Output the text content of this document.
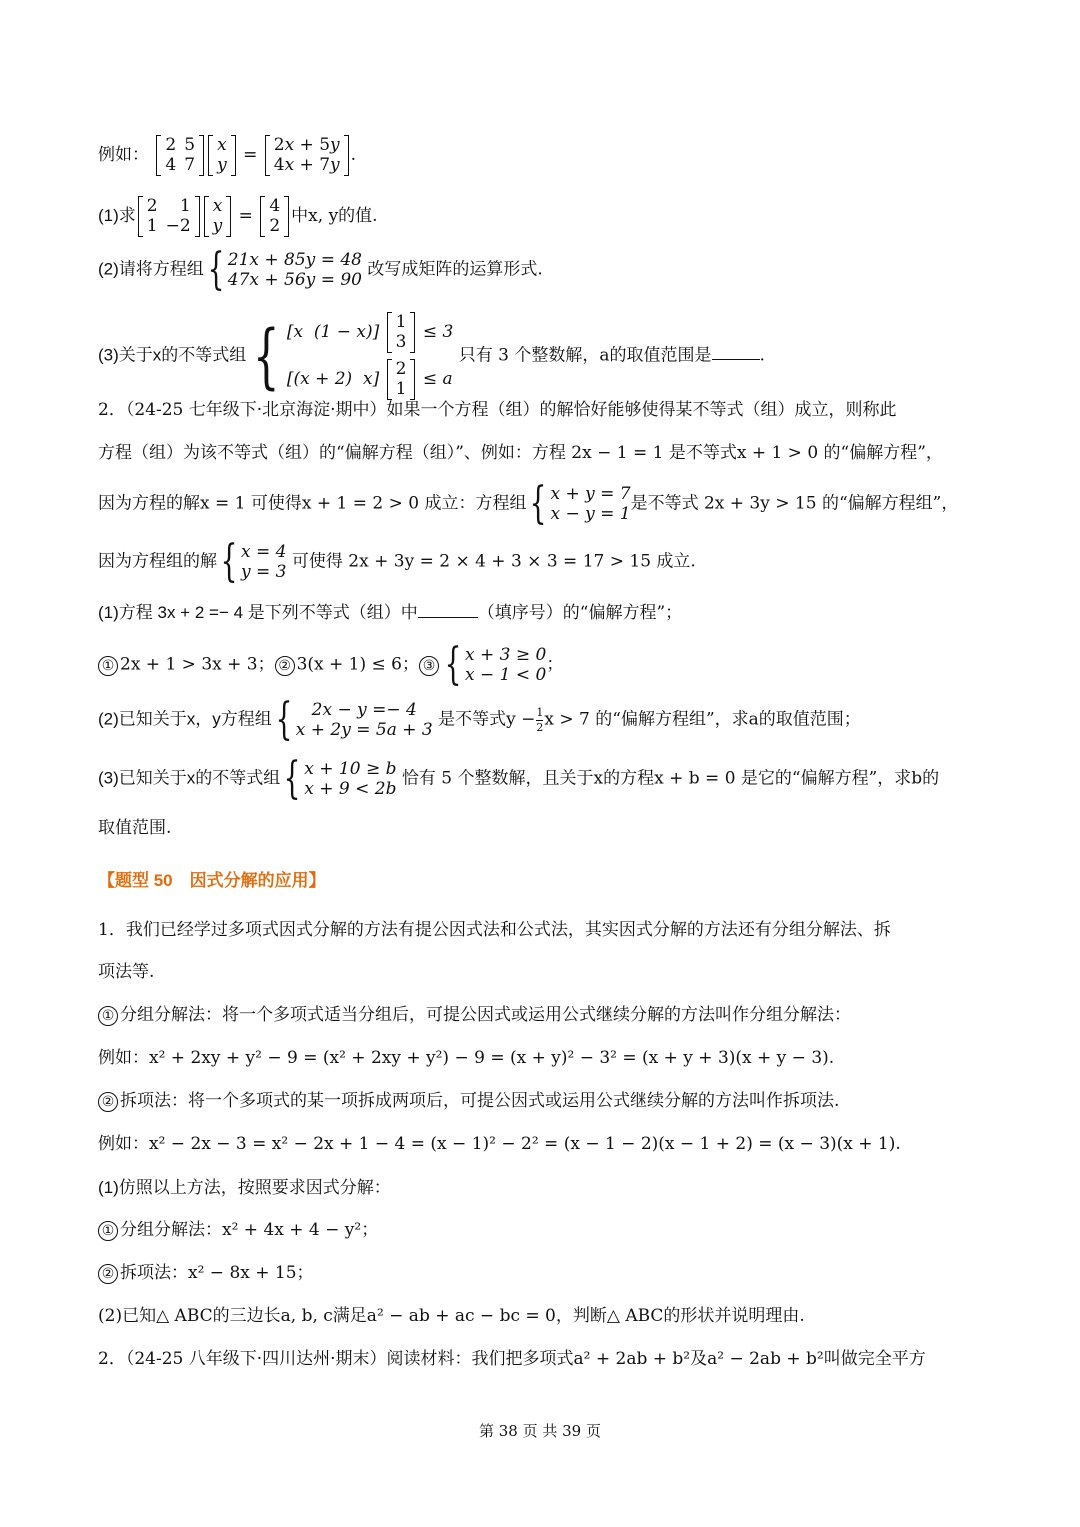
例如： 2	5
4	7
x
y
= 2x + 5y
4x + 7y
.
(1)求 2	1
1	−2
x
y
= 4
2
中x, y的值.
(2)请将方程组 { 21x + 85y = 48
47x + 56y = 90
改写成矩阵的运算形式.
(3)关于x的不等式组 { [x  (1 − x)] 1
3
≤ 3
[(x + 2)  x] 2
1
≤ a
只有 3 个整数解，a的取值范围是	.
2．（24-25 七年级下·北京海淀·期中）如果一个方程（组）的解恰好能够使得某不等式（组）成立，则称此
方程（组）为该不等式（组）的“偏解方程（组）”、例如：方程 2x − 1 = 1 是不等式x + 1 > 0 的“偏解方程”，
因为方程的解x = 1 可使得x + 1 = 2 > 0 成立：方程组 { x + y = 7
x − y = 1
是不等式 2x + 3y > 15 的“偏解方程组”，
因为方程组的解 { x = 4
y = 3
可使得 2x + 3y = 2 × 4 + 3 × 3 = 17 > 15 成立.
(1)方程 3x + 2 =− 4 是下列不等式（组）中	（填序号）的“偏解方程”；
① 2x + 1 > 3x + 3； ② 3(x + 1) ≤ 6； ③ { x + 3 ≥ 0
x − 1 < 0
；
(2)已知关于x，y方程组 {	2x − y =− 4
x + 2y = 5a + 3
是不等式$y - \frac{1}{2}$ x > 7 的“偏解方程组”，求a的取值范围；
(3)已知关于x的不等式组 { x + 10 ≥ b
x + 9 < 2b
恰有 5 个整数解，且关于x的方程x + b = 0 是它的“偏解方程”，求b的
取值范围.
【题型 50　因式分解的应用】
1．我们已经学过多项式因式分解的方法有提公因式法和公式法，其实因式分解的方法还有分组分解法、拆
项法等.
① 分组分解法：将一个多项式适当分组后，可提公因式或运用公式继续分解的方法叫作分组分解法：
例如：x² + 2xy + y² − 9 = (x² + 2xy + y²) − 9 = (x + y)² − 3² = (x + y + 3)(x + y − 3).
② 拆项法：将一个多项式的某一项拆成两项后，可提公因式或运用公式继续分解的方法叫作拆项法.
例如：x² − 2x − 3 = x² − 2x + 1 − 4 = (x − 1)² − 2² = (x − 1 − 2)(x − 1 + 2) = (x − 3)(x + 1).
(1)仿照以上方法，按照要求因式分解：
① 分组分解法：x² + 4x + 4 − y²；
② 拆项法：x² − 8x + 15；
(2)已知△ ABC的三边长a, b, c满足a² − ab + ac − bc = 0，判断△ ABC的形状并说明理由.
2．（24-25 八年级下·四川达州·期末）阅读材料：我们把多项式a² + 2ab + b²及a² − 2ab + b²叫做完全平方
第 38 页 共 39 页
